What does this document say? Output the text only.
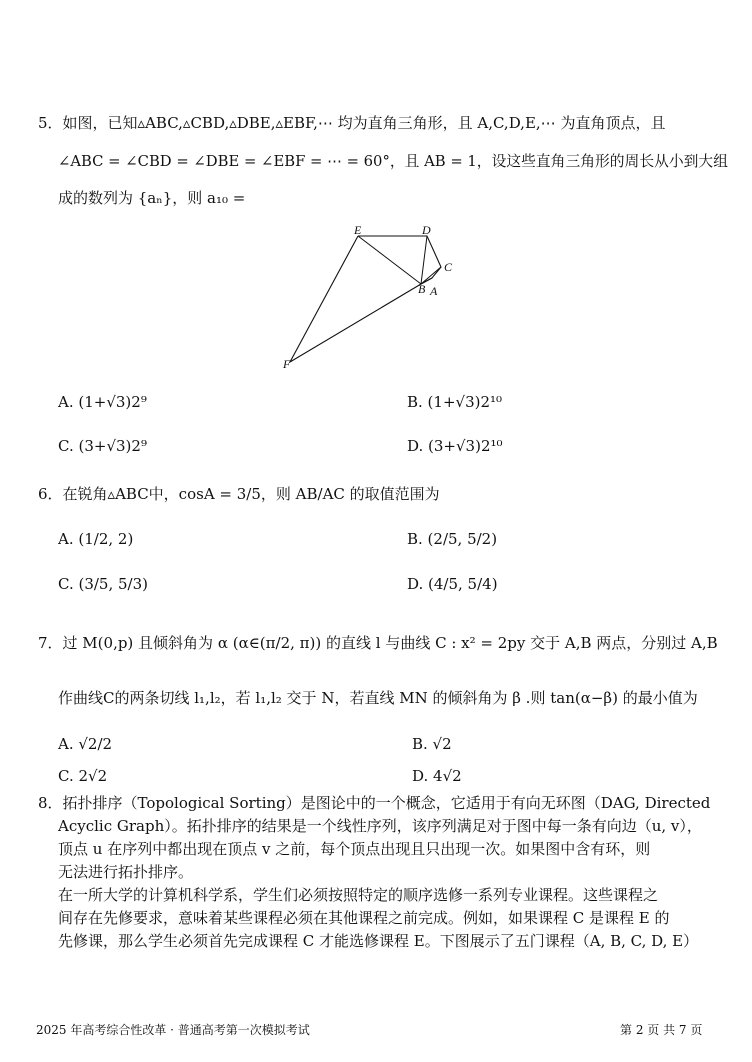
5．如图，已知▵ABC,▵CBD,▵DBE,▵EBF,⋯ 均为直角三角形，且 A,C,D,E,⋯ 为直角顶点，且
∠ABC = ∠CBD = ∠DBE = ∠EBF = ⋯ = 60°，且 AB = 1，设这些直角三角形的周长从小到大组
成的数列为 {aₙ}，则 a₁₀ =
E	D
C
B A
F
A. (1+√3)2⁹	B. (1+√3)2¹⁰
C. (3+√3)2⁹	D. (3+√3)2¹⁰
6．在锐角▵ABC中，cosA = 3/5，则 AB/AC 的取值范围为
A. (1/2, 2)	B. (2/5, 5/2)
C. (3/5, 5/3)	D. (4/5, 5/4)
7．过 M(0,p) 且倾斜角为 α (α∈(π/2, π)) 的直线 l 与曲线 C : x² = 2py 交于 A,B 两点，分别过 A,B
作曲线C的两条切线 l₁,l₂，若 l₁,l₂ 交于 N，若直线 MN 的倾斜角为 β .则 tan(α−β) 的最小值为
A. √2/2	B. √2
C. 2√2	D. 4√2
8．拓扑排序（Topological Sorting）是图论中的一个概念，它适用于有向无环图（DAG, Directed
Acyclic Graph）。拓扑排序的结果是一个线性序列，该序列满足对于图中每一条有向边（u, v），
顶点 u 在序列中都出现在顶点 v 之前，每个顶点出现且只出现一次。如果图中含有环，则
无法进行拓扑排序。
在一所大学的计算机科学系，学生们必须按照特定的顺序选修一系列专业课程。这些课程之
间存在先修要求，意味着某些课程必须在其他课程之前完成。例如，如果课程 C 是课程 E 的
先修课，那么学生必须首先完成课程 C 才能选修课程 E。下图展示了五门课程（A, B, C, D, E）
2025 年高考综合性改革 · 普通高考第一次模拟考试	第 2 页 共 7 页
